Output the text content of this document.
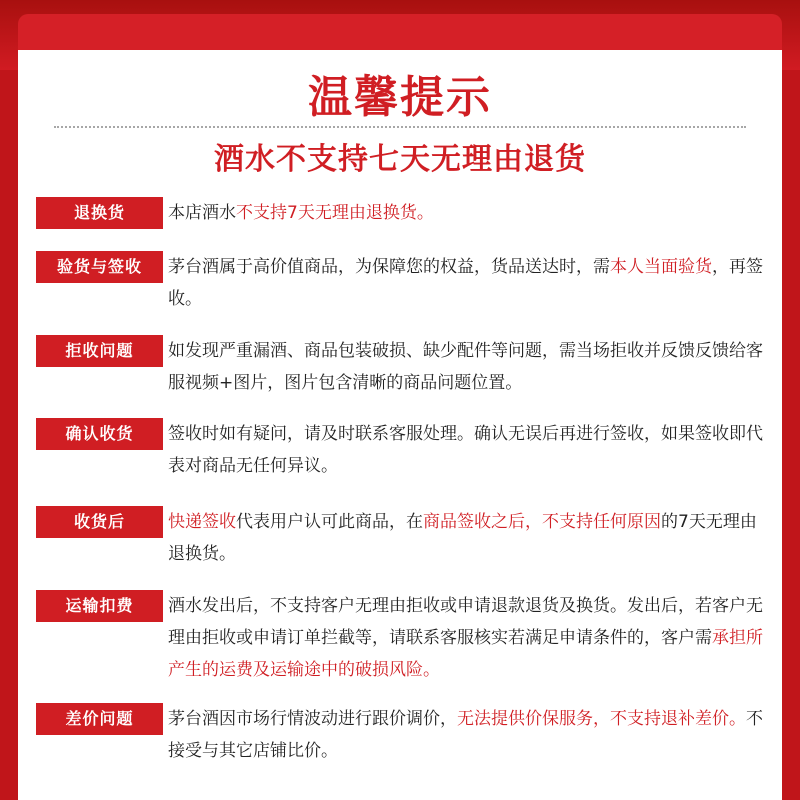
温馨提示
酒水不支持七天无理由退货
退换货	本店酒水不支持7天无理由退换货。
验货与签收	茅台酒属于高价值商品，为保障您的权益，货品送达时，需本人当面验货，再签收。
拒收问题	如发现严重漏酒、商品包装破损、缺少配件等问题，需当场拒收并反馈反馈给客服视频+图片，图片包含清晰的商品问题位置。
确认收货	签收时如有疑问，请及时联系客服处理。确认无误后再进行签收，如果签收即代表对商品无任何异议。
收货后	快递签收代表用户认可此商品，在商品签收之后，不支持任何原因的7天无理由退换货。
运输扣费	酒水发出后，不支持客户无理由拒收或申请退款退货及换货。发出后，若客户无理由拒收或申请订单拦截等，请联系客服核实若满足申请条件的，客户需承担所产生的运费及运输途中的破损风险。
差价问题	茅台酒因市场行情波动进行跟价调价，无法提供价保服务，不支持退补差价。不接受与其它店铺比价。
